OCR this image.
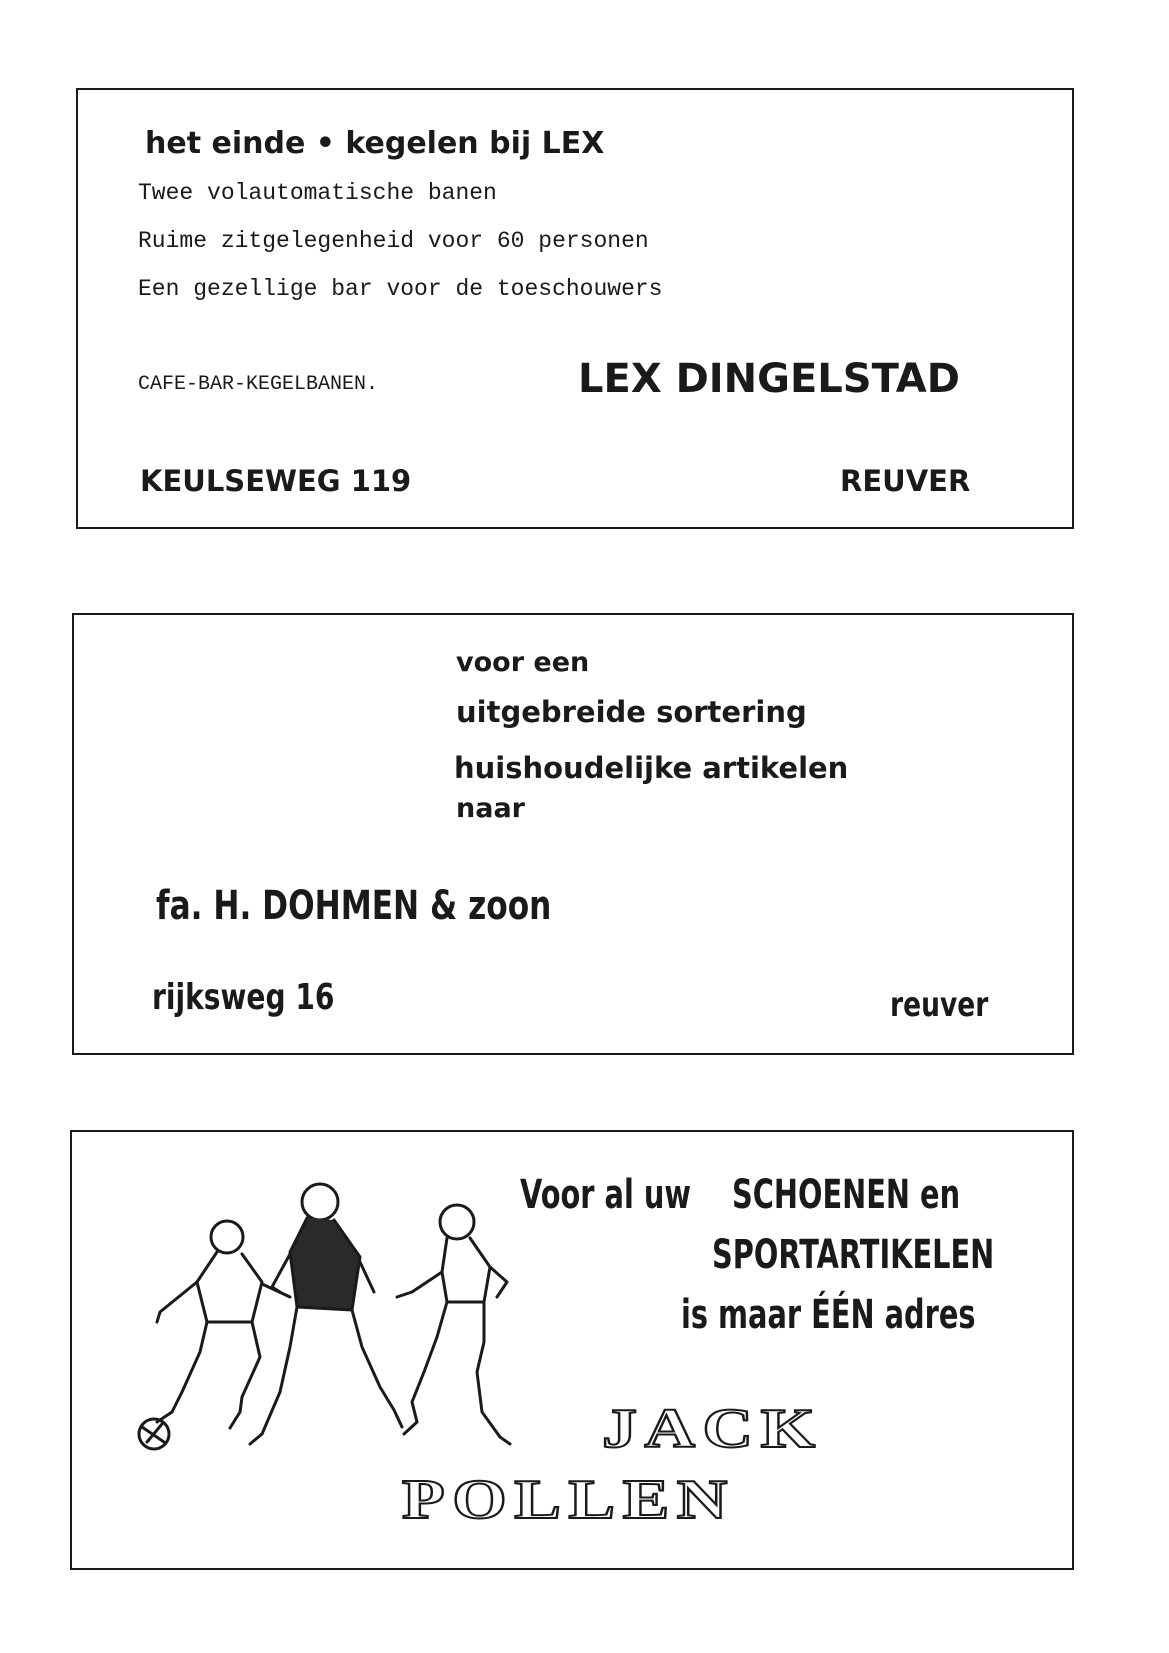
het einde • kegelen bij LEX
Twee volautomatische banen
Ruime zitgelegenheid voor 60 personen
Een gezellige bar voor de toeschouwers
CAFE-BAR-KEGELBANEN.	LEX DINGELSTAD
KEULSEWEG 119	REUVER
voor een
uitgebreide sortering
huishoudelijke artikelen
naar
fa. H. DOHMEN & zoon
rijksweg 16	reuver
Voor al uw SCHOENEN en
SPORTARTIKELEN
is maar ÉÉN adres
JACK
POLLEN
